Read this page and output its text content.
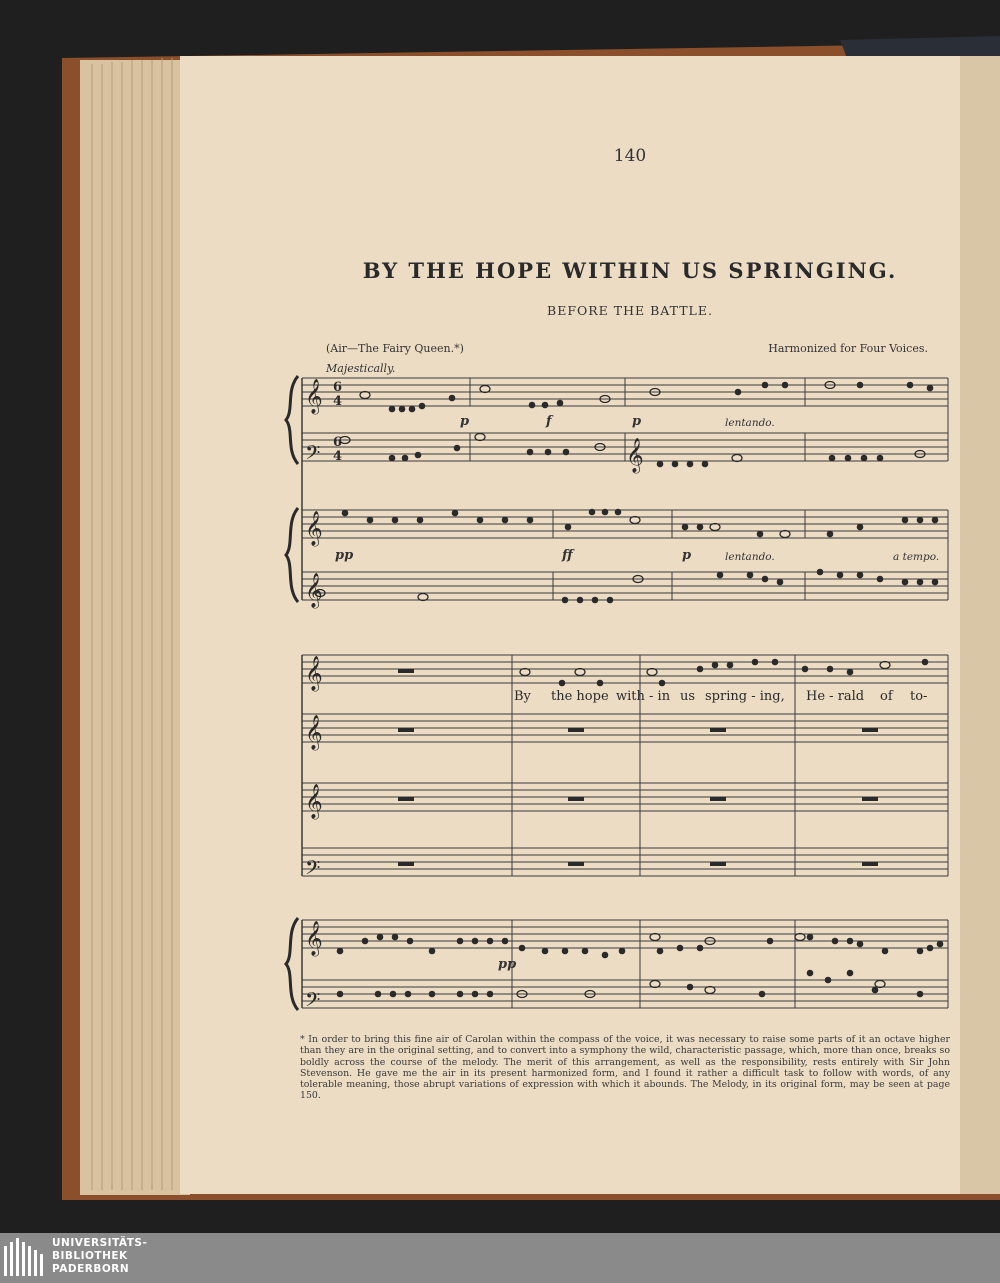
𝄞
𝄢
𝄞
𝄞
𝄞
6
4
6
4
𝄞
𝄞
𝄞
𝄢
𝄞
𝄢
140
BY THE HOPE WITHIN US SPRINGING.
BEFORE THE BATTLE.
(Air—The Fairy Queen.*)	Harmonized for Four Voices.
Majestically.
p	f	p	lentando.
pp	ff	p	lentando.	a tempo.
pp
By the hope with - in us spring - ing, He - rald of to-

* In order to bring this fine air of Carolan within the compass of the voice, it was necessary to raise some parts of it an octave higher than they are in the original setting, and to convert into a symphony the wild, characteristic passage, which, more than once, breaks so boldly across the course of the melody. The merit of this arrangement, as well as the responsibility, rests entirely with Sir John Stevenson. He gave me the air in its present harmonized form, and I found it rather a difficult task to follow with words, of any tolerable meaning, those abrupt variations of expression with which it abounds. The Melody, in its original form, may be seen at page 150.

UNIVERSITÄTS-
BIBLIOTHEK
PADERBORN
